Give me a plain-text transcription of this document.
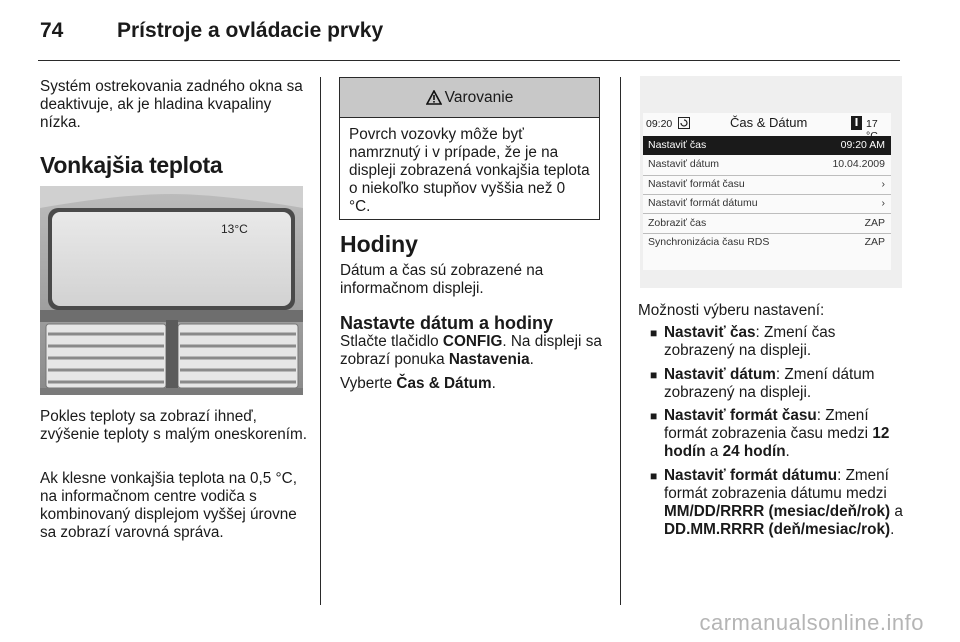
74	Prístroje a ovládacie prvky

Systém ostrekovania zadného okna sa deaktivuje, ak je hladina kvapaliny nízka.

Vonkajšia teplota
13°C

Pokles teploty sa zobrazí ihneď, zvýšenie teploty s malým oneskorením.

Ak klesne vonkajšia teplota na 0,5 °C, na informačnom centre vodiča s kombinovaný displejom vyššej úrovne sa zobrazí varovná správa.

Varovanie
Povrch vozovky môže byť namrznutý i v prípade, že je na displeji zobrazená vonkajšia teplota o niekoľko stupňov vyššia než 0 °C.
Hodiny

Dátum a čas sú zobrazené na informačnom displeji.

Nastavte dátum a hodiny

Stlačte tlačidlo CONFIG. Na displeji sa zobrazí ponuka Nastavenia.

Vyberte Čas & Dátum.

09:20	Čas & Dátum	17
Nastaviť čas	09:20 AM
Nastaviť dátum	10.04.2009
Nastaviť formát času	›
Nastaviť formát dátumu	›
Zobraziť čas	ZAP
Synchronizácia času RDS	ZAP

Možnosti výberu nastavení:

■ Nastaviť čas: Zmení čas zobrazený na displeji.
■ Nastaviť dátum: Zmení dátum zobrazený na displeji.
■ Nastaviť formát času: Zmení formát zobrazenia času medzi 12 hodín a 24 hodín.
■ Nastaviť formát dátumu: Zmení formát zobrazenia dátumu medzi MM/DD/RRRR (mesiac/deň/rok) a DD.MM.RRRR (deň/mesiac/rok).
carmanualsonline.info
